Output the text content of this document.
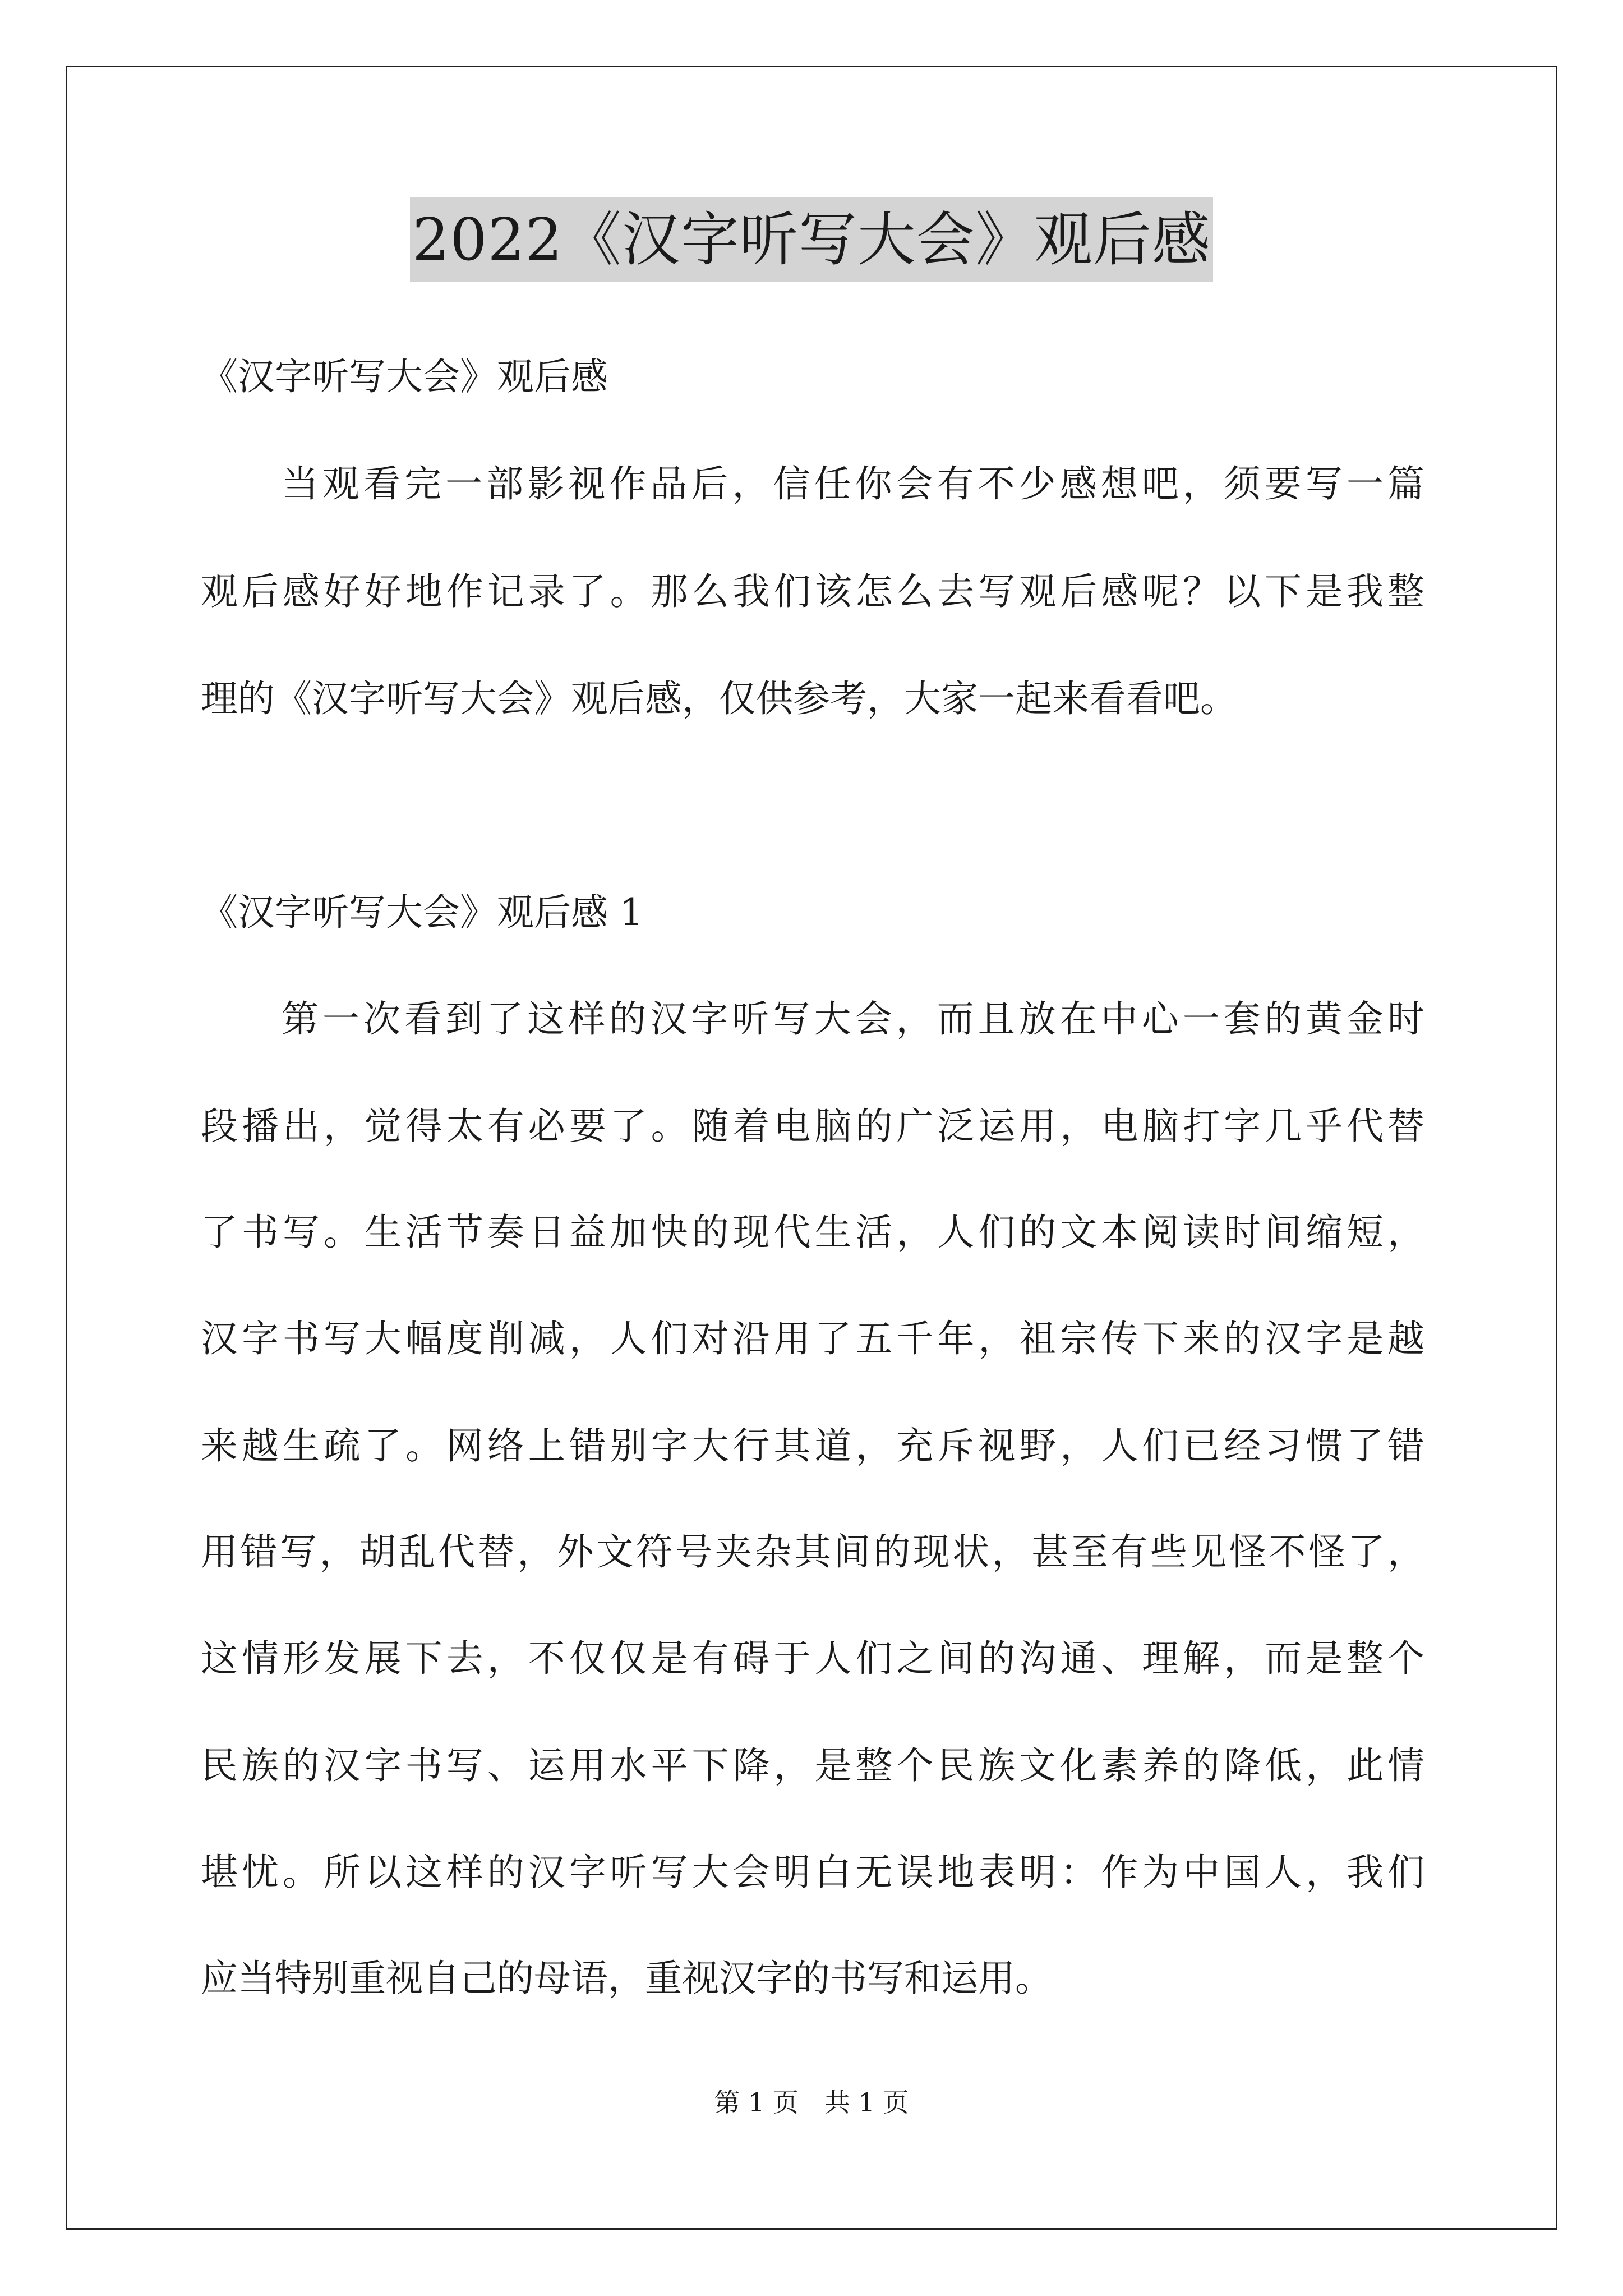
2022《汉字听写大会》观后感
《汉字听写大会》观后感
当观看完一部影视作品后，信任你会有不少感想吧，须要写一篇
观后感好好地作记录了。那么我们该怎么去写观后感呢？以下是我整
理的《汉字听写大会》观后感，仅供参考，大家一起来看看吧。
《汉字听写大会》观后感 1
第一次看到了这样的汉字听写大会，而且放在中心一套的黄金时
段播出，觉得太有必要了。随着电脑的广泛运用，电脑打字几乎代替
了书写。生活节奏日益加快的现代生活，人们的文本阅读时间缩短，
汉字书写大幅度削减，人们对沿用了五千年，祖宗传下来的汉字是越
来越生疏了。网络上错别字大行其道，充斥视野，人们已经习惯了错
用错写，胡乱代替，外文符号夹杂其间的现状，甚至有些见怪不怪了，
这情形发展下去，不仅仅是有碍于人们之间的沟通、理解，而是整个
民族的汉字书写、运用水平下降，是整个民族文化素养的降低，此情
堪忧。所以这样的汉字听写大会明白无误地表明：作为中国人，我们
应当特别重视自己的母语，重视汉字的书写和运用。
第 1 页　共 1 页
